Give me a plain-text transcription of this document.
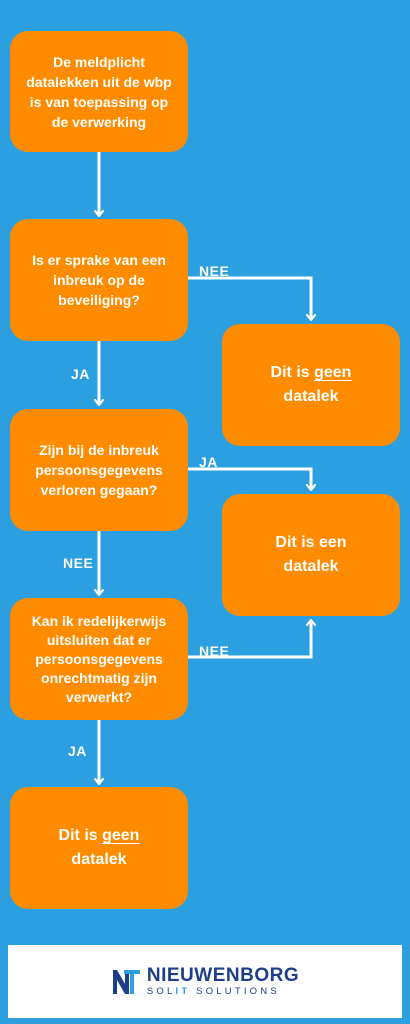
De meldplicht
datalekken uit de wbp
is van toepassing op
de verwerking
Is er sprake van een
inbreuk op de
beveiliging?
Dit is geen
datalek
Zijn bij de inbreuk
persoonsgegevens
verloren gegaan?
Dit is een
datalek
Kan ik redelijkerwijs
uitsluiten dat er
persoonsgegevens
onrechtmatig zijn
verwerkt?
Dit is geen
datalek
NEE
JA
JA
NEE
NEE
JA
NIEUWENBORG
SOLIT SOLUTIONS
